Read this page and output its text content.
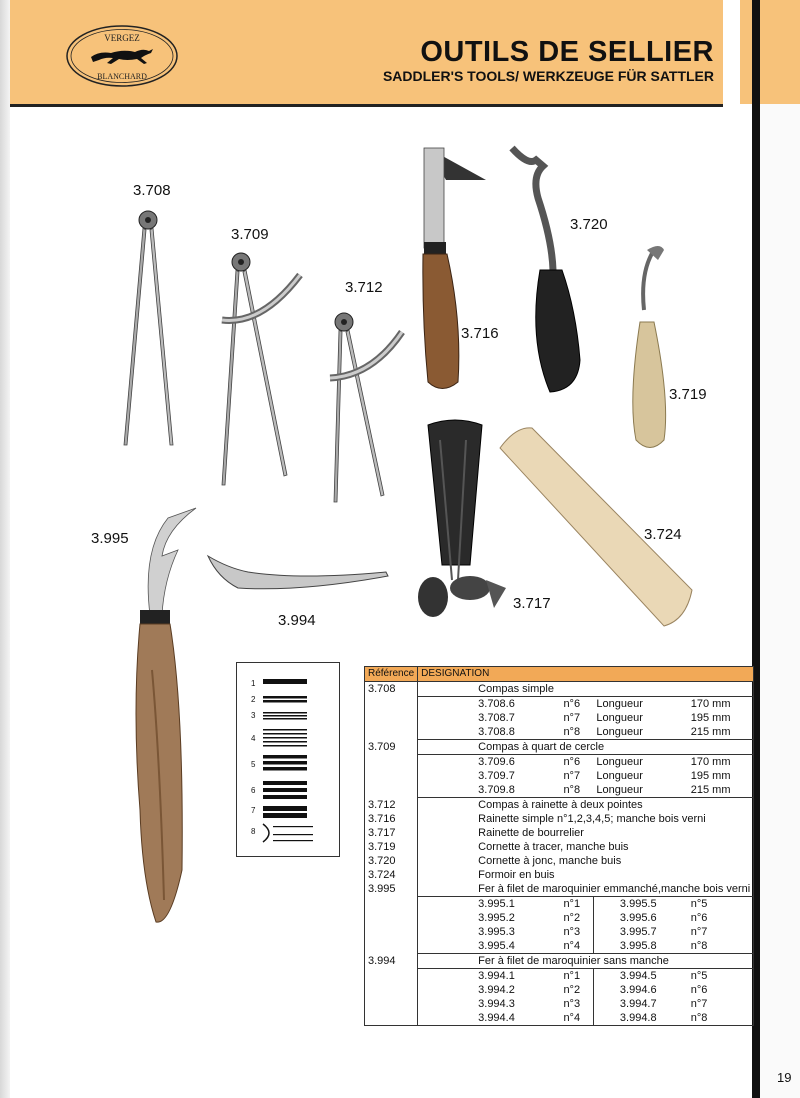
VERGEZ
BLANCHARD
OUTILS DE SELLIER
SADDLER'S TOOLS/ WERKZEUGE FÜR SATTLER
3.708
3.709
3.712
3.716
3.720
3.719
3.724
3.717
3.995
3.994
1
2
3
4
5
6
7
8
Référence	DESIGNATION			
3.708	Compas simple			
	3.708.6	n°6	Longueur	170 mm
	3.708.7	n°7	Longueur	195 mm
	3.708.8	n°8	Longueur	215 mm
3.709	Compas à quart de cercle			
	3.709.6	n°6	Longueur	170 mm
	3.709.7	n°7	Longueur	195 mm
	3.709.8	n°8	Longueur	215 mm
3.712	Compas à rainette à deux pointes			
3.716	Rainette simple n°1,2,3,4,5; manche bois verni			
3.717	Rainette de bourrelier			
3.719	Cornette à tracer, manche buis			
3.720	Cornette à jonc, manche buis			
3.724	Formoir en buis			
3.995	Fer à filet de maroquinier emmanché,manche bois verni			
	3.995.1	n°1	3.995.5	n°5
	3.995.2	n°2	3.995.6	n°6
	3.995.3	n°3	3.995.7	n°7
	3.995.4	n°4	3.995.8	n°8
3.994	Fer à filet de maroquinier sans manche			
	3.994.1	n°1	3.994.5	n°5
	3.994.2	n°2	3.994.6	n°6
	3.994.3	n°3	3.994.7	n°7
	3.994.4	n°4	3.994.8	n°8
19
